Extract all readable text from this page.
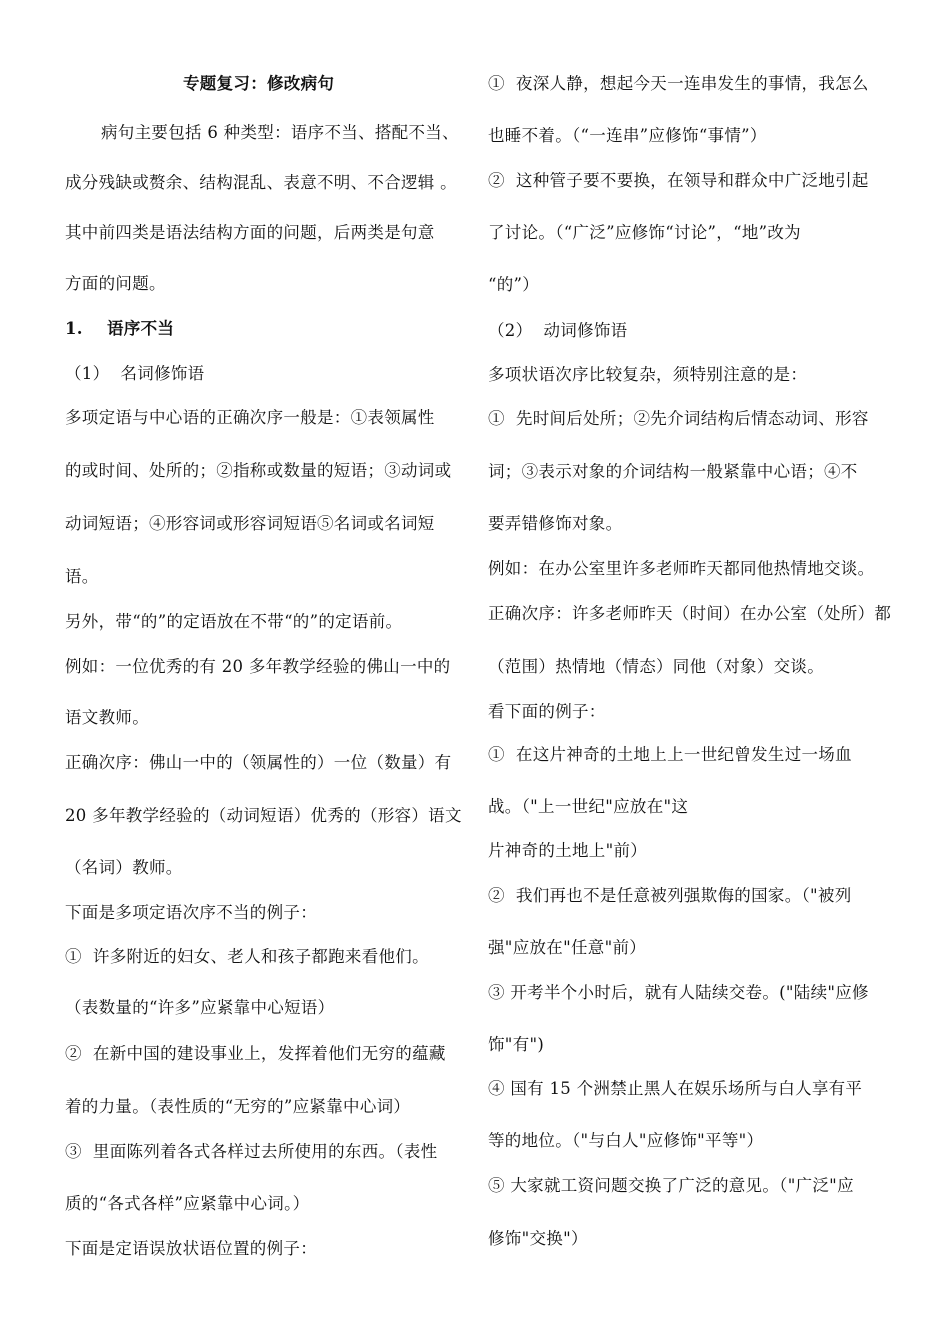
专题复习：修改病句
病句主要包括 6 种类型：语序不当、搭配不当、
成分残缺或赘余、结构混乱、表意不明、不合逻辑 。
其中前四类是语法结构方面的问题，后两类是句意
方面的问题。
1.    语序不当
（1）  名词修饰语
多项定语与中心语的正确次序一般是：①表领属性
的或时间、处所的；②指称或数量的短语；③动词或
动词短语；④形容词或形容词短语⑤名词或名词短
语。
另外，带“的”的定语放在不带“的”的定语前。
例如：一位优秀的有 20 多年教学经验的佛山一中的
语文教师。
正确次序：佛山一中的（领属性的）一位（数量）有
20 多年教学经验的（动词短语）优秀的（形容）语文
（名词）教师。
下面是多项定语次序不当的例子：
①  许多附近的妇女、老人和孩子都跑来看他们。
（表数量的“许多”应紧靠中心短语）
②  在新中国的建设事业上，发挥着他们无穷的蕴藏
着的力量。（表性质的“无穷的”应紧靠中心词）
③  里面陈列着各式各样过去所使用的东西。（表性
质的“各式各样”应紧靠中心词。）
下面是定语误放状语位置的例子：
①  夜深人静，想起今天一连串发生的事情，我怎么
也睡不着。（“一连串”应修饰“事情”）
②  这种管子要不要换，在领导和群众中广泛地引起
了讨论。（“广泛”应修饰“讨论”，“地”改为
“的”）
（2）  动词修饰语
多项状语次序比较复杂，须特别注意的是：
①  先时间后处所；②先介词结构后情态动词、形容
词；③表示对象的介词结构一般紧靠中心语；④不
要弄错修饰对象。
例如：在办公室里许多老师昨天都同他热情地交谈。
正确次序：许多老师昨天（时间）在办公室（处所）都
（范围）热情地（情态）同他（对象）交谈。
看下面的例子：
①  在这片神奇的土地上上一世纪曾发生过一场血
战。（"上一世纪"应放在"这
片神奇的土地上"前）
②  我们再也不是任意被列强欺侮的国家。（"被列
强"应放在"任意"前）
③ 开考半个小时后，就有人陆续交卷。("陆续"应修
饰"有")
④ 国有 15 个洲禁止黑人在娱乐场所与白人享有平
等的地位。（"与白人"应修饰"平等"）
⑤ 大家就工资问题交换了广泛的意见。（"广泛"应
修饰"交换"）
